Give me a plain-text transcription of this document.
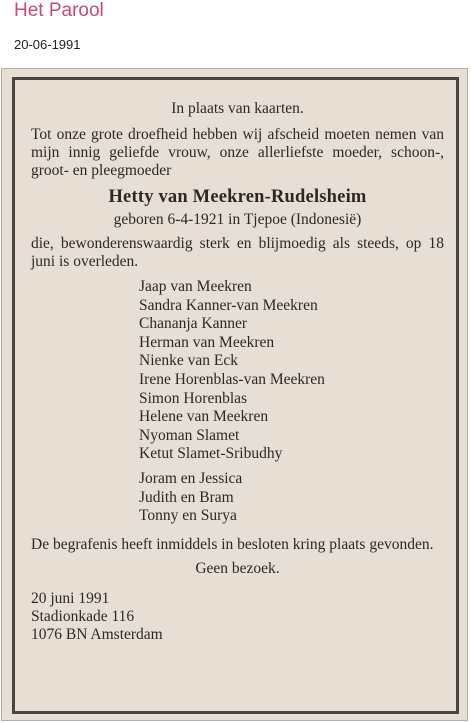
Het Parool
20-06-1991
In plaats van kaarten.
Tot onze grote droefheid hebben wij afscheid moeten nemen van mijn innig geliefde vrouw, onze allerliefste moeder, schoon-, groot- en pleegmoeder
Hetty van Meekren-Rudelsheim
geboren 6-4-1921 in Tjepoe (Indonesië)
die, bewonderenswaardig sterk en blijmoedig als steeds, op 18 juni is overleden.
Jaap van Meekren
Sandra Kanner-van Meekren
Chananja Kanner
Herman van Meekren
Nienke van Eck
Irene Horenblas-van Meekren
Simon Horenblas
Helene van Meekren
Nyoman Slamet
Ketut Slamet-Sribudhy
Joram en Jessica
Judith en Bram
Tonny en Surya
De begrafenis heeft inmiddels in besloten kring plaats gevonden.
Geen bezoek.
20 juni 1991
Stadionkade 116
1076 BN Amsterdam
